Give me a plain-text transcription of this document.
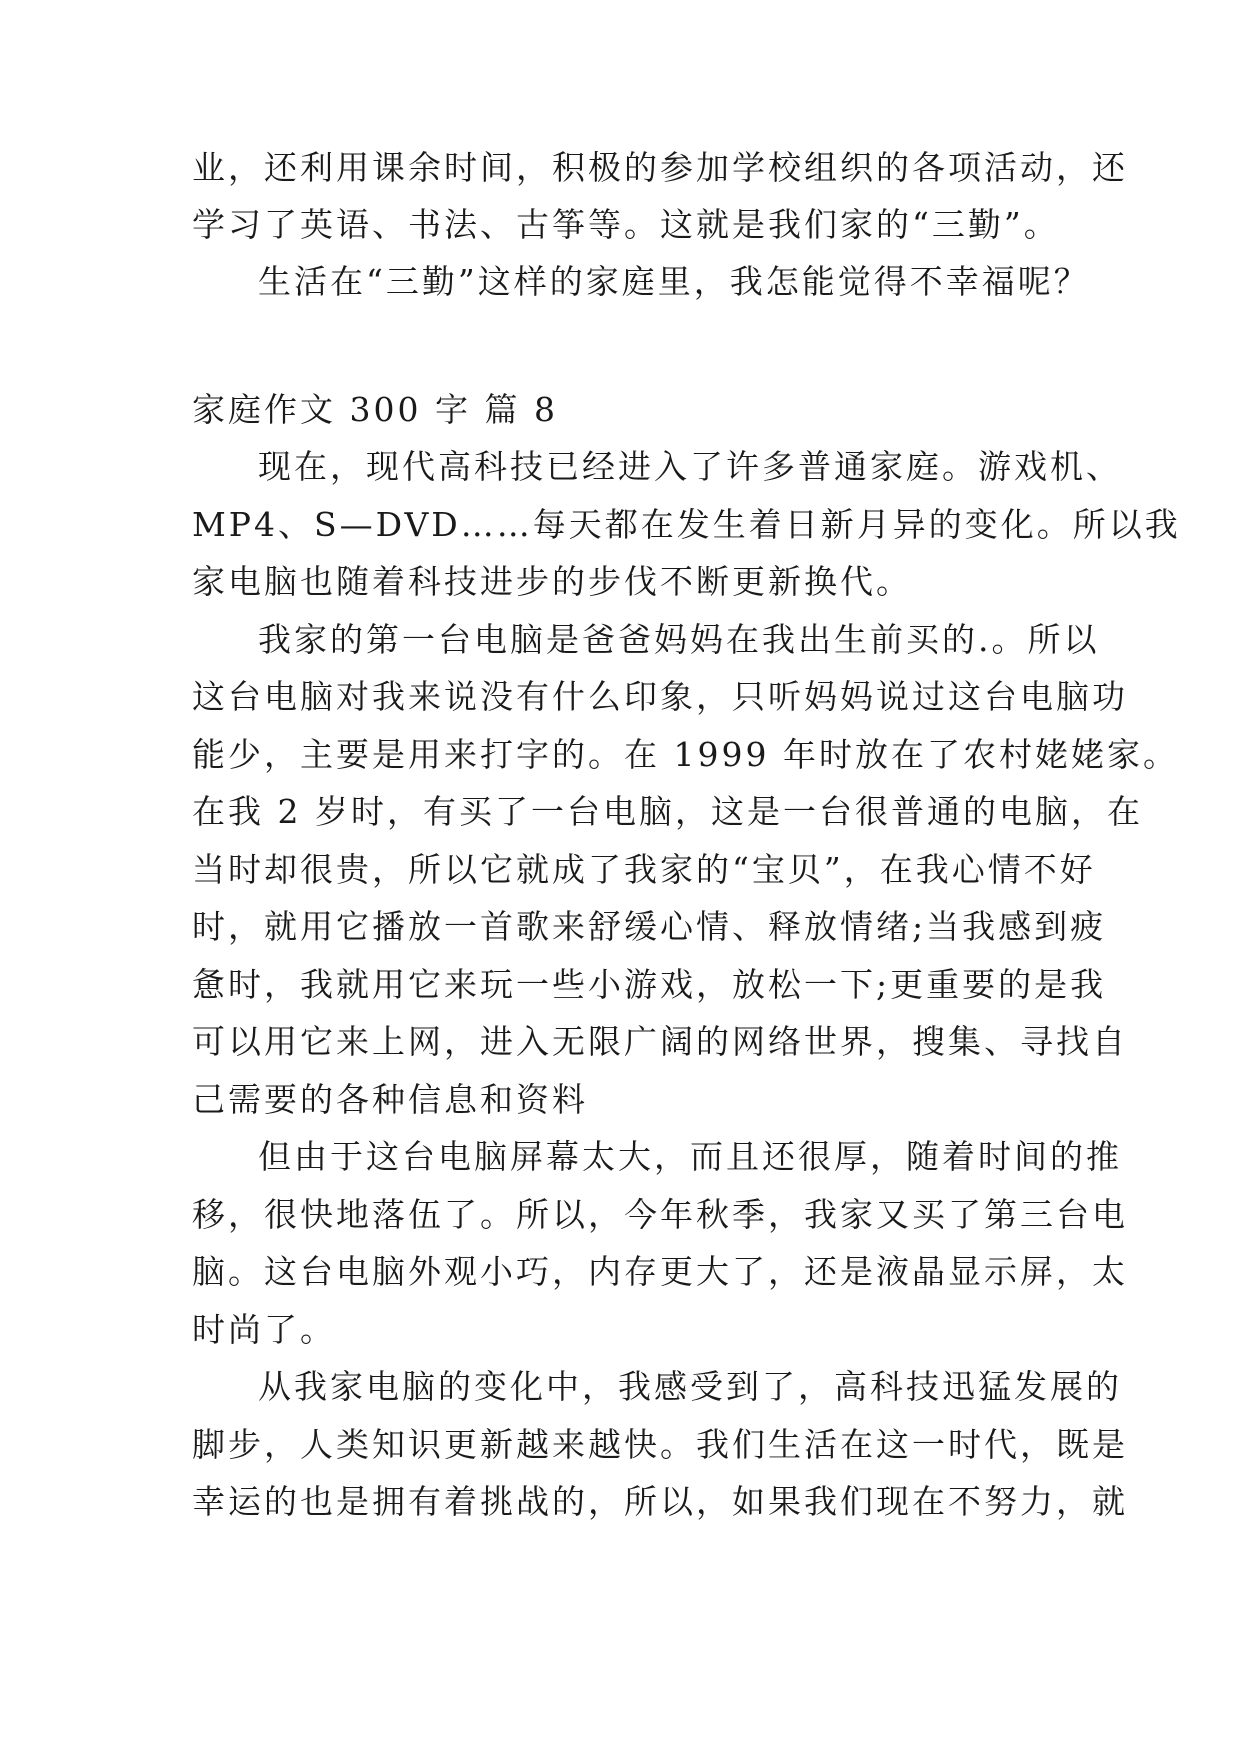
业，还利用课余时间，积极的参加学校组织的各项活动，还
学习了英语、书法、古筝等。这就是我们家的“三勤”。
生活在“三勤”这样的家庭里，我怎能觉得不幸福呢？
家庭作文 300 字 篇 8
现在，现代高科技已经进入了许多普通家庭。游戏机、
MP4、S—DVD……每天都在发生着日新月异的变化。所以我
家电脑也随着科技进步的步伐不断更新换代。
我家的第一台电脑是爸爸妈妈在我出生前买的.。所以
这台电脑对我来说没有什么印象，只听妈妈说过这台电脑功
能少，主要是用来打字的。在 1999 年时放在了农村姥姥家。
在我 2 岁时，有买了一台电脑，这是一台很普通的电脑，在
当时却很贵，所以它就成了我家的“宝贝”，在我心情不好
时，就用它播放一首歌来舒缓心情、释放情绪;当我感到疲
惫时，我就用它来玩一些小游戏，放松一下;更重要的是我
可以用它来上网，进入无限广阔的网络世界，搜集、寻找自
己需要的各种信息和资料
但由于这台电脑屏幕太大，而且还很厚，随着时间的推
移，很快地落伍了。所以，今年秋季，我家又买了第三台电
脑。这台电脑外观小巧，内存更大了，还是液晶显示屏，太
时尚了。
从我家电脑的变化中，我感受到了，高科技迅猛发展的
脚步，人类知识更新越来越快。我们生活在这一时代，既是
幸运的也是拥有着挑战的，所以，如果我们现在不努力，就
